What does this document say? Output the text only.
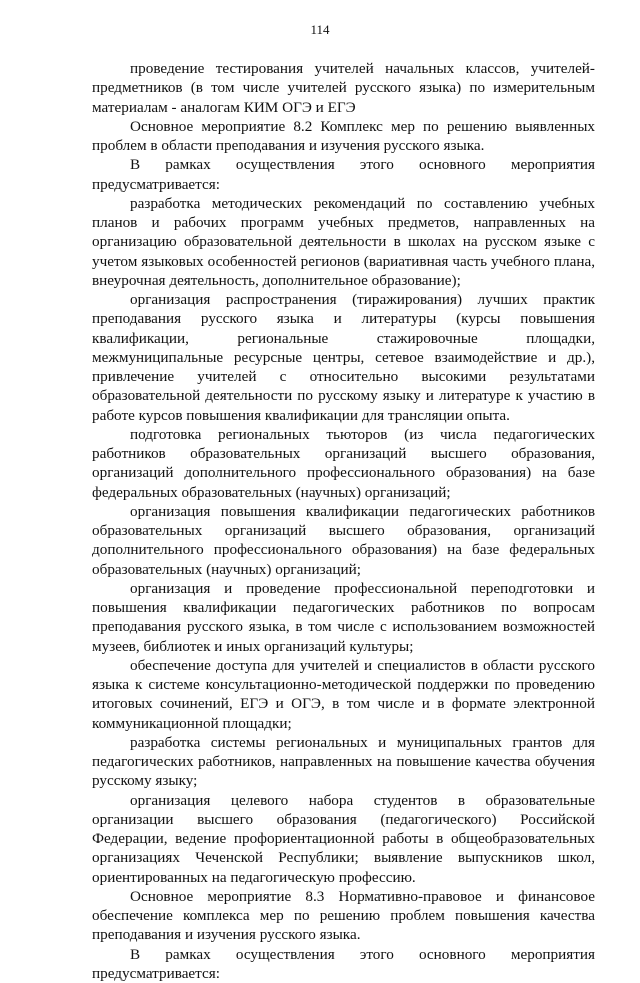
114

проведение тестирования учителей начальных классов, учителей-предметников (в том числе учителей русского языка) по измерительным материалам - аналогам КИМ ОГЭ и ЕГЭ

Основное мероприятие 8.2 Комплекс мер по решению выявленных проблем в области преподавания и изучения русского языка.

В рамках осуществления этого основного мероприятия предусматривается:

разработка методических рекомендаций по составлению учебных планов и рабочих программ учебных предметов, направленных на организацию образовательной деятельности в школах на русском языке с учетом языковых особенностей регионов (вариативная часть учебного плана, внеурочная деятельность, дополнительное образование);

организация распространения (тиражирования) лучших практик преподавания русского языка и литературы (курсы повышения квалификации, региональные стажировочные площадки, межмуниципальные ресурсные центры, сетевое взаимодействие и др.), привлечение учителей с относительно высокими результатами образовательной деятельности по русскому языку и литературе к участию в работе курсов повышения квалификации для трансляции опыта.

подготовка региональных тьюторов (из числа педагогических работников образовательных организаций высшего образования, организаций дополнительного профессионального образования) на базе федеральных образовательных (научных) организаций;

организация повышения квалификации педагогических работников образовательных организаций высшего образования, организаций дополнительного профессионального образования) на базе федеральных образовательных (научных) организаций;

организация и проведение профессиональной переподготовки и повышения квалификации педагогических работников по вопросам преподавания русского языка, в том числе с использованием возможностей музеев, библиотек и иных организаций культуры;

обеспечение доступа для учителей и специалистов в области русского языка к системе консультационно-методической поддержки по проведению итоговых сочинений, ЕГЭ и ОГЭ, в том числе и в формате электронной коммуникационной площадки;

разработка системы региональных и муниципальных грантов для педагогических работников, направленных на повышение качества обучения русскому языку;

организация целевого набора студентов в образовательные организации высшего образования (педагогического) Российской Федерации, ведение профориентационной работы в общеобразовательных организациях Чеченской Республики; выявление выпускников школ, ориентированных на педагогическую профессию.

Основное мероприятие 8.3 Нормативно-правовое и финансовое обеспечение комплекса мер по решению проблем повышения качества преподавания и изучения русского языка.

В рамках осуществления этого основного мероприятия предусматривается:
